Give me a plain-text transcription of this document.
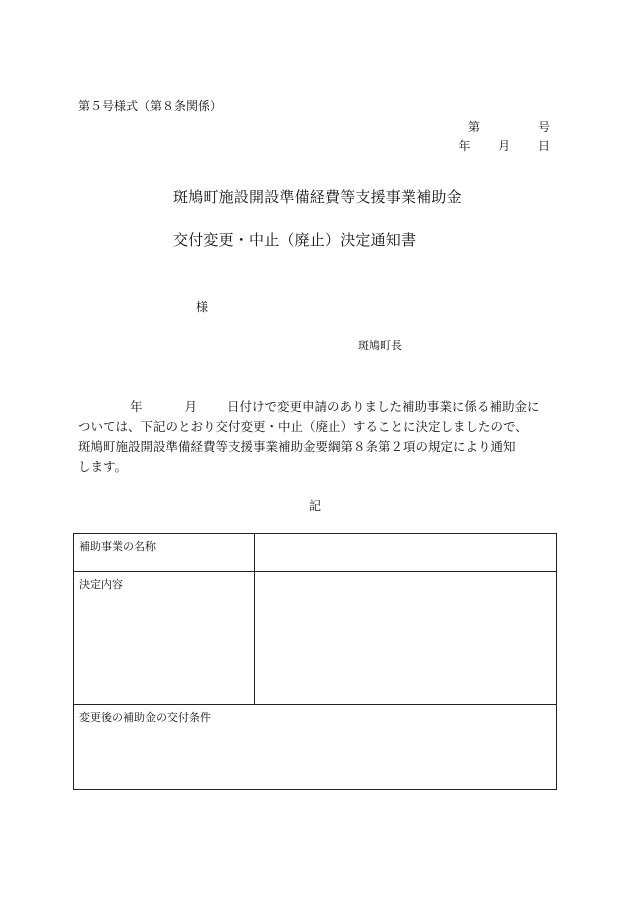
第５号様式（第８条関係）
第	号
年 月 日
斑鳩町施設開設準備経費等支援事業補助金
交付変更・中止（廃止）決定通知書
様
斑鳩町長

年	月 日付けで変更申請のありました補助事業に係る補助金に

ついては、下記のとおり交付変更・中止（廃止）することに決定しましたので、

斑鳩町施設開設準備経費等支援事業補助金要綱第８条第２項の規定により通知

します。

記
補助事業の名称	
決定内容	
変更後の補助金の交付条件	
